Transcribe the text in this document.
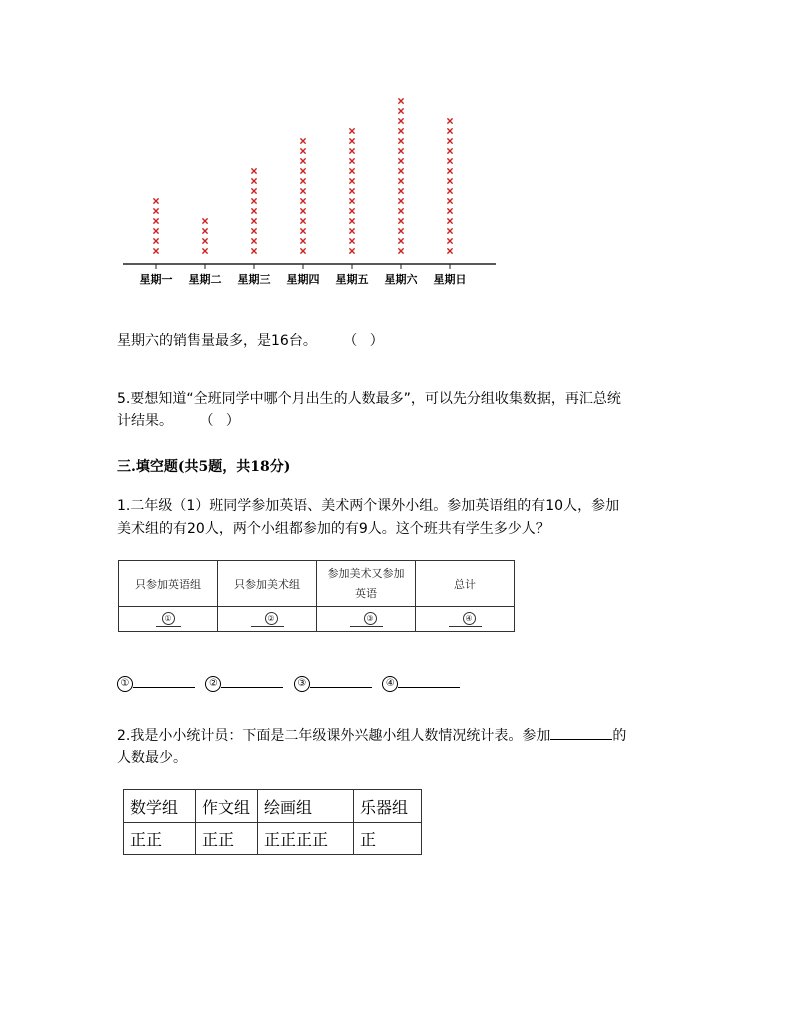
星期一 星期二 星期三 星期四 星期五 星期六 星期日
星期六的销售量最多，是16台。 （ ）
5.要想知道“全班同学中哪个月出生的人数最多”，可以先分组收集数据，再汇总统
计结果。 （ ）
三.填空题(共5题，共18分)
1.二年级（1）班同学参加英语、美术两个课外小组。参加英语组的有10人，参加
美术组的有20人，两个小组都参加的有9人。这个班共有学生多少人？
只参加英语组	只参加美术组	参加美术又参加英语	总计
①	②	③	④
①	②	③	④
2.我是小小统计员：下面是二年级课外兴趣小组人数情况统计表。参加	的
人数最少。
数学组	作文组	绘画组	乐器组
正正	正正	正正正正	正
